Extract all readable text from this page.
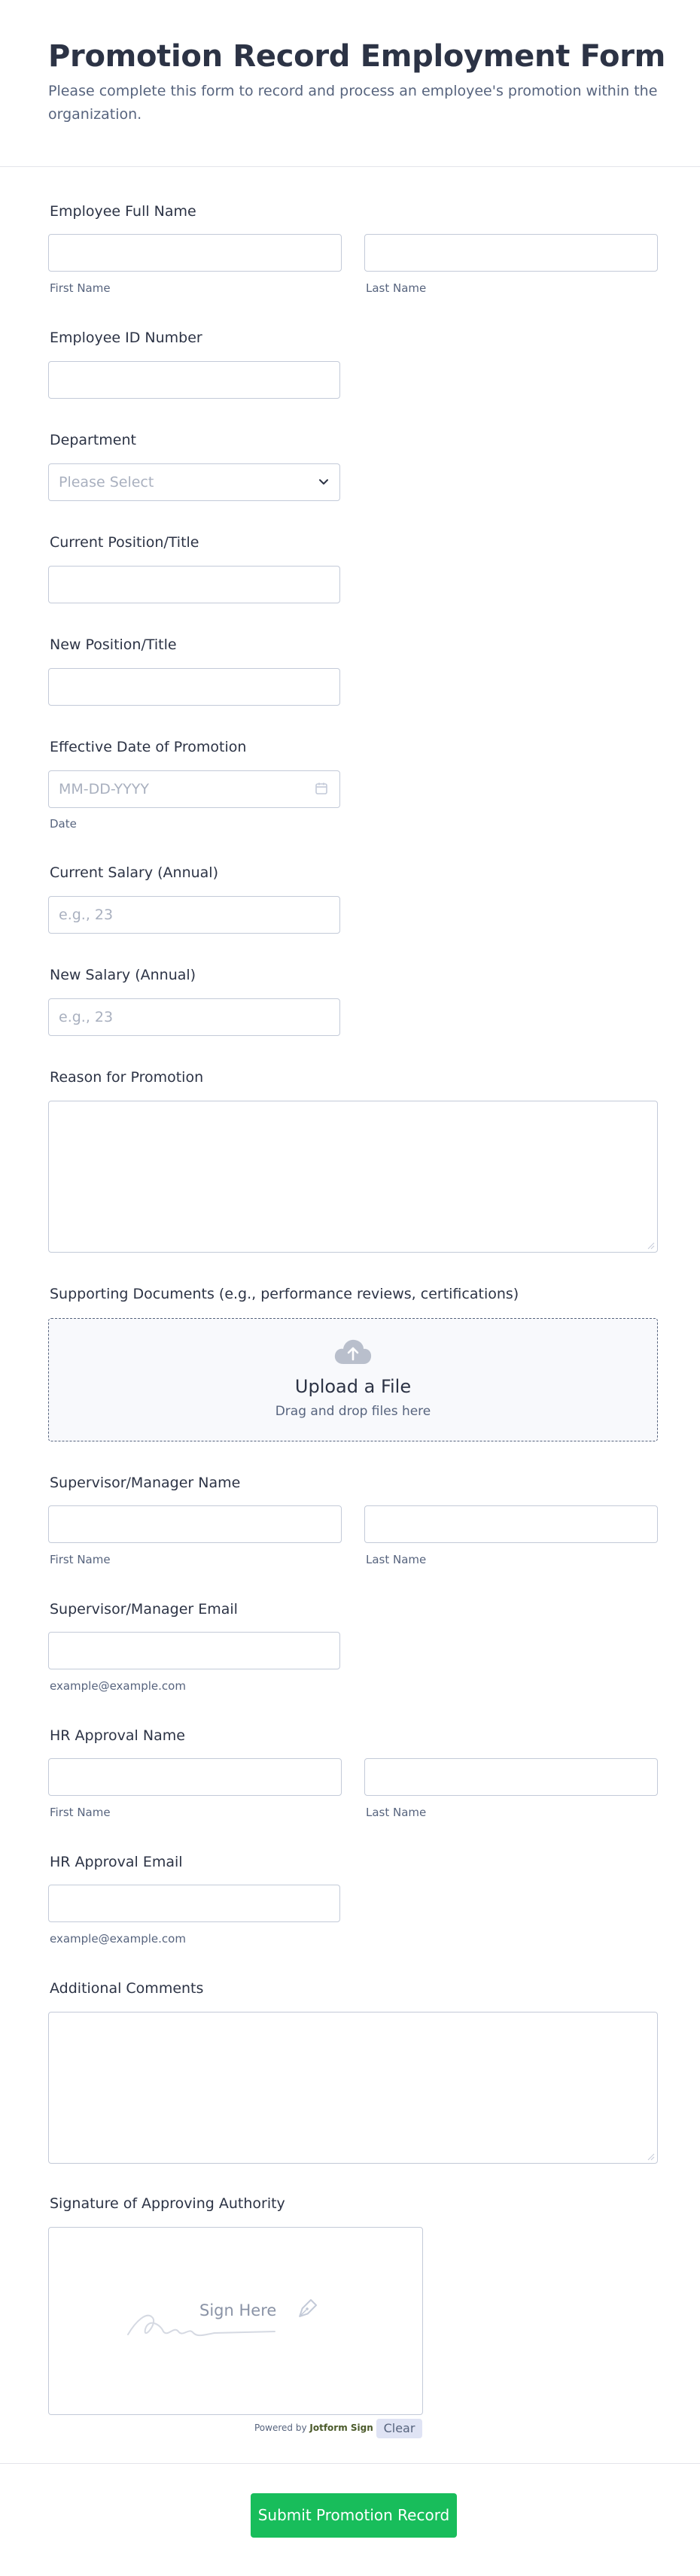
Promotion Record Employment Form
Please complete this form to record and process an employee's promotion within the organization.
Employee Full Name
First Name	Last Name
Employee ID Number
Department
Please Select
Current Position/Title
New Position/Title
Effective Date of Promotion
MM-DD-YYYY
Date
Current Salary (Annual)
e.g., 23
New Salary (Annual)
e.g., 23
Reason for Promotion
Supporting Documents (e.g., performance reviews, certifications)
Upload a File
Drag and drop files here
Supervisor/Manager Name
First Name	Last Name
Supervisor/Manager Email
example@example.com
HR Approval Name
First Name	Last Name
HR Approval Email
example@example.com
Additional Comments
Signature of Approving Authority
Sign Here
Powered by Jotform Sign Clear
Submit Promotion Record
